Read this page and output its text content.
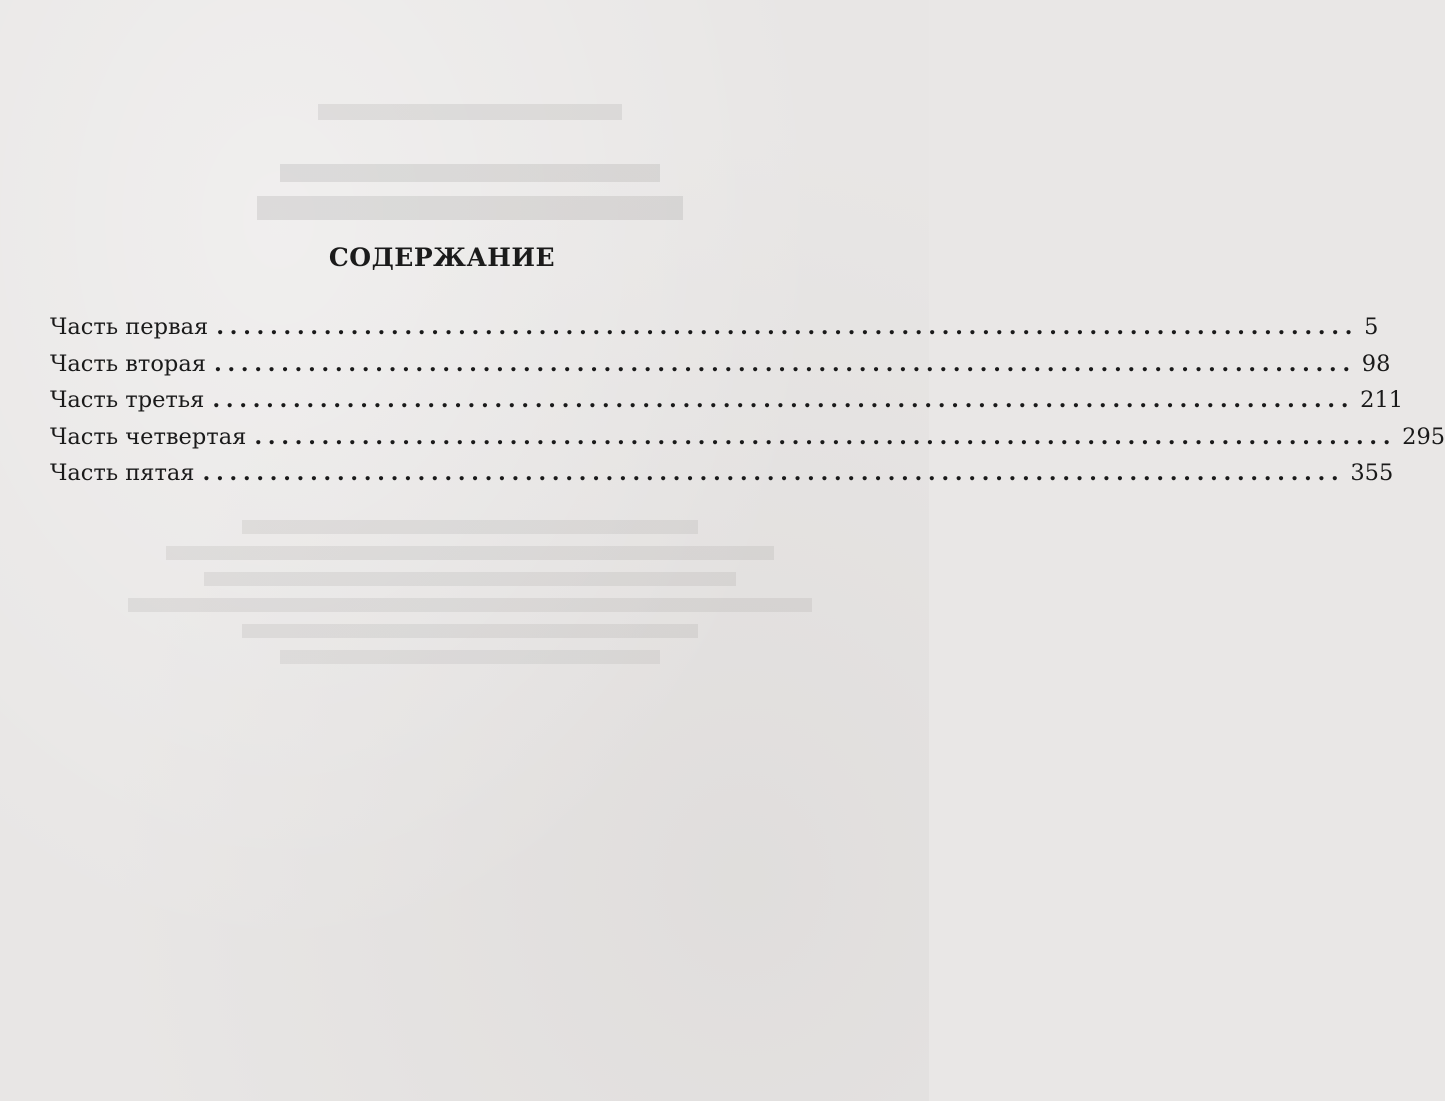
СОДЕРЖАНИЕ
Часть первая ..................................................................................... 5
Часть вторая ..................................................................................... 98
Часть третья ..................................................................................... 211
Часть четвертая ..................................................................................... 295
Часть пятая ..................................................................................... 355
